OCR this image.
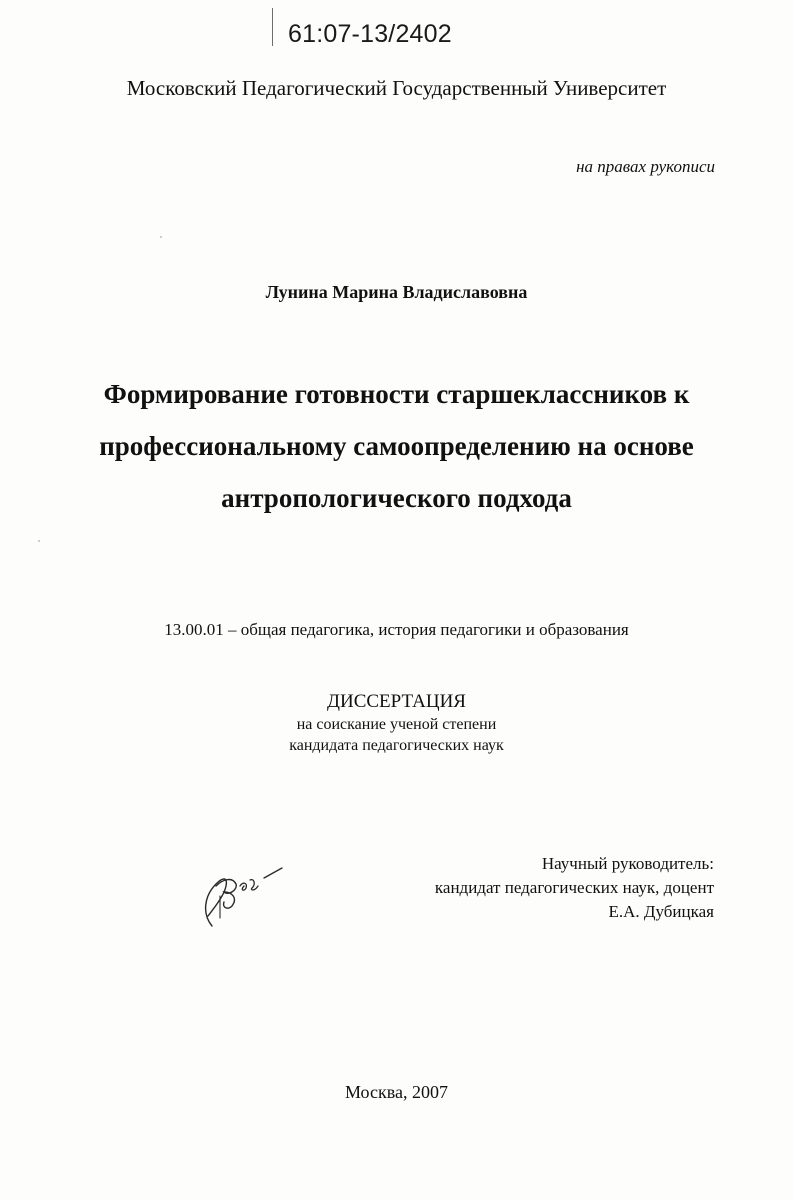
61:07-13/2402
Московский Педагогический Государственный Университет
на правах рукописи
Лунина Марина Владиславовна
Формирование готовности старшеклассников к
профессиональному самоопределению на основе
антропологического подхода
13.00.01 – общая педагогика, история педагогики и образования
ДИССЕРТАЦИЯ
на соискание ученой степени
кандидата педагогических наук
Научный руководитель:
кандидат педагогических наук, доцент
Е.А. Дубицкая
Москва, 2007
